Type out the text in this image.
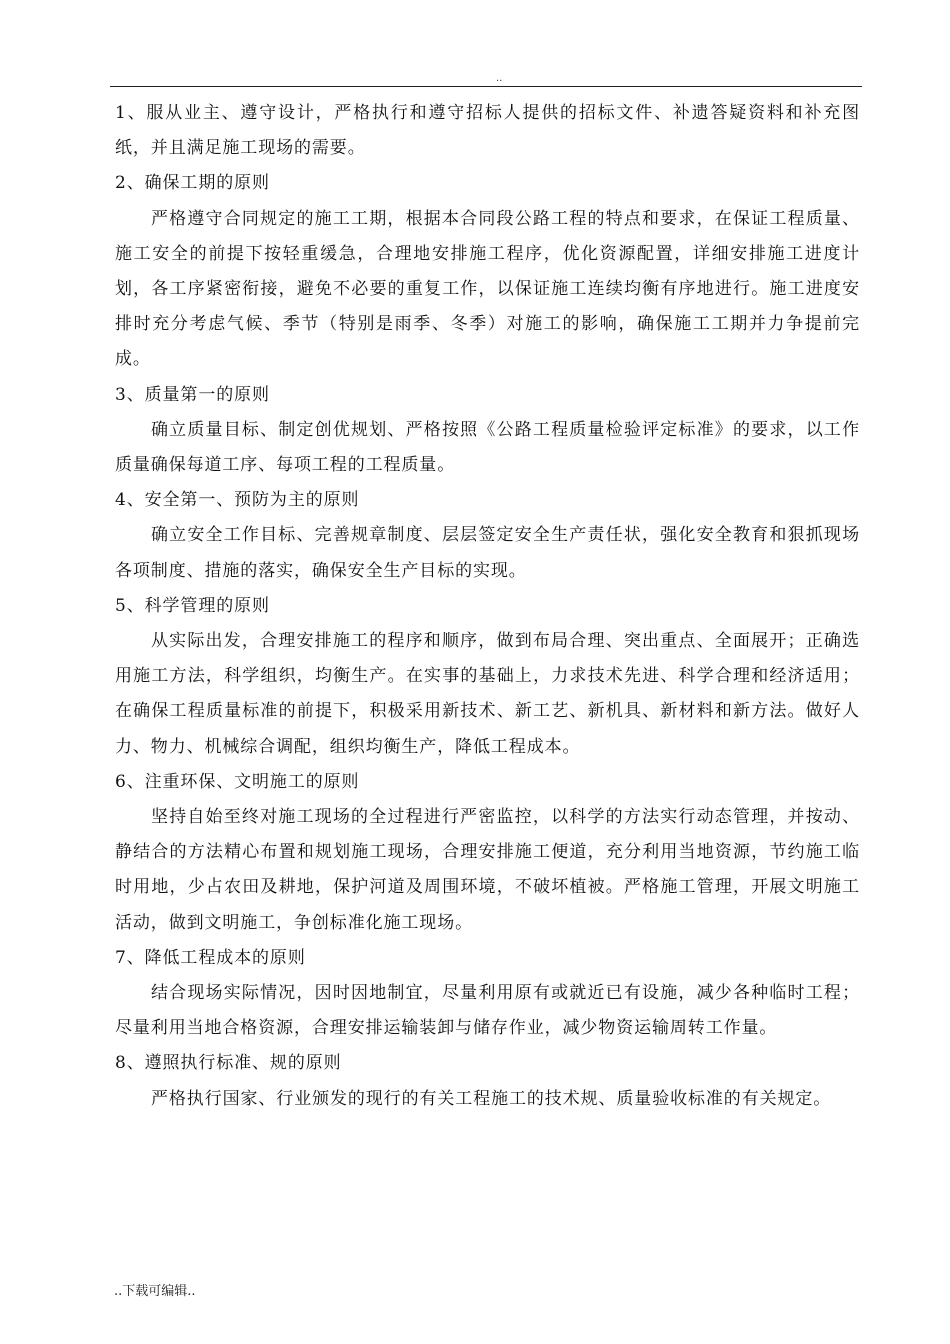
..

1、服从业主、遵守设计，严格执行和遵守招标人提供的招标文件、补遗答疑资料和补充图纸，并且满足施工现场的需要。

2、确保工期的原则

严格遵守合同规定的施工工期，根据本合同段公路工程的特点和要求，在保证工程质量、施工安全的前提下按轻重缓急，合理地安排施工程序，优化资源配置，详细安排施工进度计划，各工序紧密衔接，避免不必要的重复工作，以保证施工连续均衡有序地进行。施工进度安排时充分考虑气候、季节（特别是雨季、冬季）对施工的影响，确保施工工期并力争提前完成。

3、质量第一的原则

确立质量目标、制定创优规划、严格按照《公路工程质量检验评定标准》的要求，以工作质量确保每道工序、每项工程的工程质量。

4、安全第一、预防为主的原则

确立安全工作目标、完善规章制度、层层签定安全生产责任状，强化安全教育和狠抓现场各项制度、措施的落实，确保安全生产目标的实现。

5、科学管理的原则

从实际出发，合理安排施工的程序和顺序，做到布局合理、突出重点、全面展开；正确选用施工方法，科学组织，均衡生产。在实事的基础上，力求技术先进、科学合理和经济适用；在确保工程质量标准的前提下，积极采用新技术、新工艺、新机具、新材料和新方法。做好人力、物力、机械综合调配，组织均衡生产，降低工程成本。

6、注重环保、文明施工的原则

坚持自始至终对施工现场的全过程进行严密监控，以科学的方法实行动态管理，并按动、静结合的方法精心布置和规划施工现场，合理安排施工便道，充分利用当地资源，节约施工临时用地，少占农田及耕地，保护河道及周围环境，不破坏植被。严格施工管理，开展文明施工活动，做到文明施工，争创标准化施工现场。

7、降低工程成本的原则

结合现场实际情况，因时因地制宜，尽量利用原有或就近已有设施，减少各种临时工程；尽量利用当地合格资源，合理安排运输装卸与储存作业，减少物资运输周转工作量。

8、遵照执行标准、规的原则

严格执行国家、行业颁发的现行的有关工程施工的技术规、质量验收标准的有关规定。

..下载可编辑..
